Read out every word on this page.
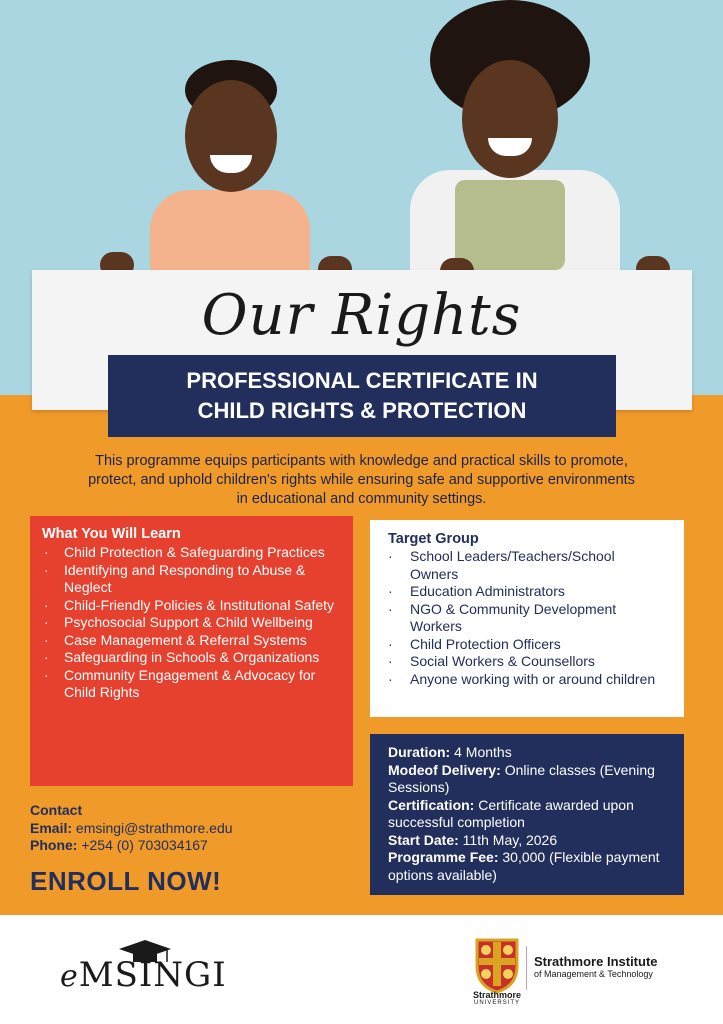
Our Rights
PROFESSIONAL CERTIFICATE IN
CHILD RIGHTS & PROTECTION
This programme equips participants with knowledge and practical skills to promote,
protect, and uphold children's rights while ensuring safe and supportive environments
in educational and community settings.
What You Will Learn
· Child Protection & Safeguarding Practices
· Identifying and Responding to Abuse & Neglect
· Child-Friendly Policies & Institutional Safety
· Psychosocial Support & Child Wellbeing
· Case Management & Referral Systems
· Safeguarding in Schools & Organizations
· Community Engagement & Advocacy for Child Rights
Target Group
· School Leaders/Teachers/School Owners
· Education Administrators
· NGO & Community Development Workers
· Child Protection Officers
· Social Workers & Counsellors
· Anyone working with or around children

Duration: 4 Months

Modeof Delivery: Online classes (Evening Sessions)

Certification: Certificate awarded upon successful completion

Start Date: 11th May, 2026

Programme Fee: 30,000 (Flexible payment options available)

Contact
Email: emsingi@strathmore.edu
Phone: +254 (0) 703034167
ENROLL NOW!
eMSINGI	Strathmore
UNIVERSITY
Strathmore Institute
of Management & Technology
